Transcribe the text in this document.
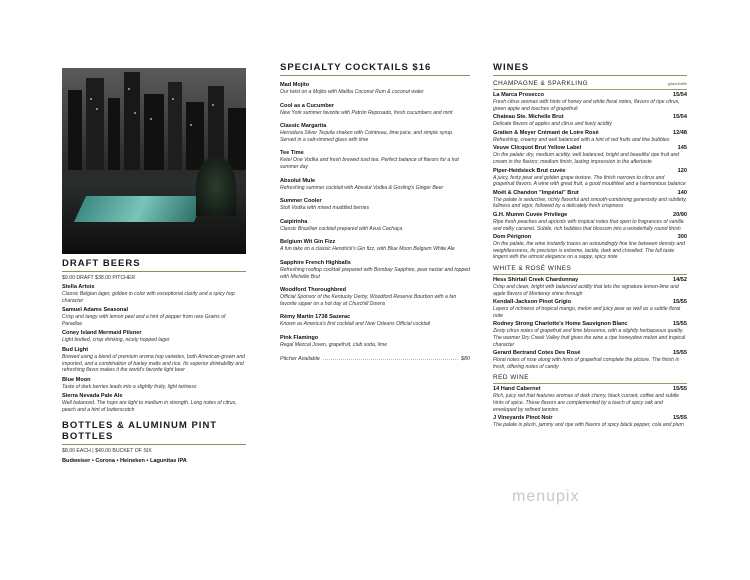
DRAFT BEERS
$9.00 DRAFT $38.00 PITCHER
Stella Artois
Classic Belgian lager, golden in color with exceptional clarity and a spicy hop character
Samuel Adams Seasonal
Crisp and tangy with lemon peel and a hint of pepper from rare Grains of Paradise
Coney Island Mermaid Pilsner
Light bodied, crisp drinking, nicely hopped lager
Bud Light
Brewed using a blend of premium aroma hop varieties, both American-grown and imported, and a combination of barley malts and rice. Its superior drinkability and refreshing flavor makes it the world's favorite light beer
Blue Moon
Taste of dark berries leads into a slightly fruity, light tartness
Sierra Nevada Pale Ale
Well balanced. The hops are light to medium in strength. Long notes of citrus, peach and a hint of butterscotch
BOTTLES & ALUMINUM PINT BOTTLES
$8.00 EACH | $40.00 BUCKET OF SIX
Budweiser • Corona • Heineken • Lagunitas IPA
SPECIALTY COCKTAILS $16
Mad Mojito
Our twist on a Mojito with Malibu Coconut Rum & coconut water
Cool as a Cucumber
New York summer favorite with Patrón Reposado, fresh cucumbers and mint
Classic Margarita
Herradura Silver Tequila shaken with Cointreau, lime juice, and simple syrup. Served in a salt-rimmed glass with lime
Tee Time
Ketel One Vodka and fresh brewed iced tea. Perfect balance of flavors for a hot summer day
Absolut Mule
Refreshing summer cocktail with Absolut Vodka & Gosling's Ginger Beer
Summer Cooler
Stoli Vodka with mixed muddled berries
Caipirinha
Classic Brazilian cocktail prepared with Avuá Cachaça
Belgium Wit Gin Fizz
A fun take on a classic Hendrick's Gin fizz, with Blue Moon Belgium White Ale
Sapphire French Highballs
Refreshing rooftop cocktail prepared with Bombay Sapphire, pear nectar and topped with Michelle Brut
Woodford Thoroughbred
Official Sponsor of the Kentucky Derby, Woodford Reserve Bourbon with a fan favorite sipper on a hot day at Churchill Downs
Rémy Martin 1738 Sazerac
Known as America's first cocktail and New Orleans Official cocktail
Pink Flamingo
Regal Mezcal Joven, grapefruit, club soda, lime
Pitcher Available	$80
WINES
CHAMPAGNE & SPARKLING	glass/bottle
La Marca Prosecco	15/54
Fresh citrus aromas with hints of honey and white floral notes, flavors of ripe citrus, green apple and touches of grapefruit
Chateau Ste. Michelle Brut	15/54
Delicate flavors of apples and citrus and lively acidity
Gratien & Meyer Crémant de Loire Rosé	12/48
Refreshing, creamy and well balanced with a hint of red fruits and fine bubbles
Veuve Clicquot Brut Yellow Label	145
On the palate: dry, medium acidity, well balanced, bright and beautiful ripe fruit and cream in the flavors; medium finish, lasting impression in the aftertaste
Piper-Heidsieck Brut cuvée	120
A juicy, festy pear and golden grape texture. The finish narrows to citrus and grapefruit flavors. A wine with great fruit, a good mouthfeel and a harmonious balance
Moët & Chandon "Impérial" Brut	140
The palate is seductive, richly flavorful and smooth-combining generosity and subtlety, fullness and vigor, followed by a delicately fresh crispness
G.H. Mumm Cuvée Privilege	20/90
Ripe fresh peaches and apricots with tropical notes that open to fragrances of vanilla and milky caramel. Subtle, rich bubbles that blossom into a wonderfully round finish
Dom Pérignon	300
On the palate, the wine instantly traces an astoundingly fine line between density and weightlessness, its precision is extreme, tactile, dark and chiselled. The full taste lingers with the utmost elegance on a sappy, spicy note
WHITE & ROSÉ WINES
Hess Shirtail Creek Chardonnay	14/52
Crisp and clean, bright with balanced acidity that lets the signature lemon-lime and apple flavors of Monterey shine through
Kendall-Jackson Pinot Grigio	15/55
Layers of richness of tropical mango, melon and juicy pear as well as a subtle floral note
Rodney Strong Charlotte's Home Sauvignon Blanc	15/55
Zesty citrus notes of grapefruit and lime blossoms, with a slightly herbaceous quality. The warmer Dry Creek Valley fruit gives the wine a ripe honeydew melon and tropical character
Gerard Bertrand Cotes Des Rosé	15/55
Floral notes of rose along with hints of grapefruit complete the picture. The finish is fresh, offering notes of candy
RED WINE
14 Hand Cabernet	15/55
Rich, juicy red that features aromas of dark cherry, black currant, coffee and subtle hints of spice. These flavors are complemented by a touch of spicy oak and enveloped by refined tannins
J Vineyards Pinot Noir	15/55
The palate is plush, jammy and ripe with flavors of spicy black pepper, cola and plum
menupix
